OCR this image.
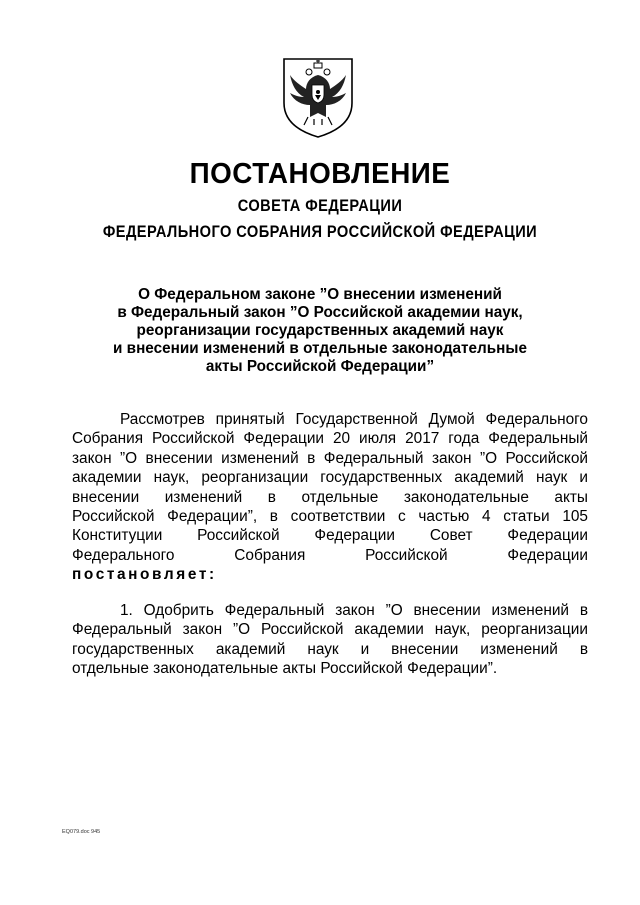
ПОСТАНОВЛЕНИЕ
СОВЕТА ФЕДЕРАЦИИ
ФЕДЕРАЛЬНОГО СОБРАНИЯ РОССИЙСКОЙ ФЕДЕРАЦИИ
О Федеральном законе ”О внесении изменений
в Федеральный закон ”О Российской академии наук,
реорганизации государственных академий наук
и внесении изменений в отдельные законодательные
акты Российской Федерации”
Рассмотрев принятый Государственной Думой Федерального
Собрания Российской Федерации 20 июля 2017 года Федеральный
закон ”О внесении изменений в Федеральный закон ”О Российской
академии наук, реорганизации государственных академий наук и
внесении изменений в отдельные законодательные акты
Российской Федерации”, в соответствии с частью 4 статьи 105
Конституции Российской Федерации Совет Федерации
Федерального Собрания Российской Федерации
постановляет:
1. Одобрить Федеральный закон ”О внесении изменений в
Федеральный закон ”О Российской академии наук, реорганизации
государственных академий наук и внесении изменений в
отдельные законодательные акты Российской Федерации”.
EQ079.doc 945
